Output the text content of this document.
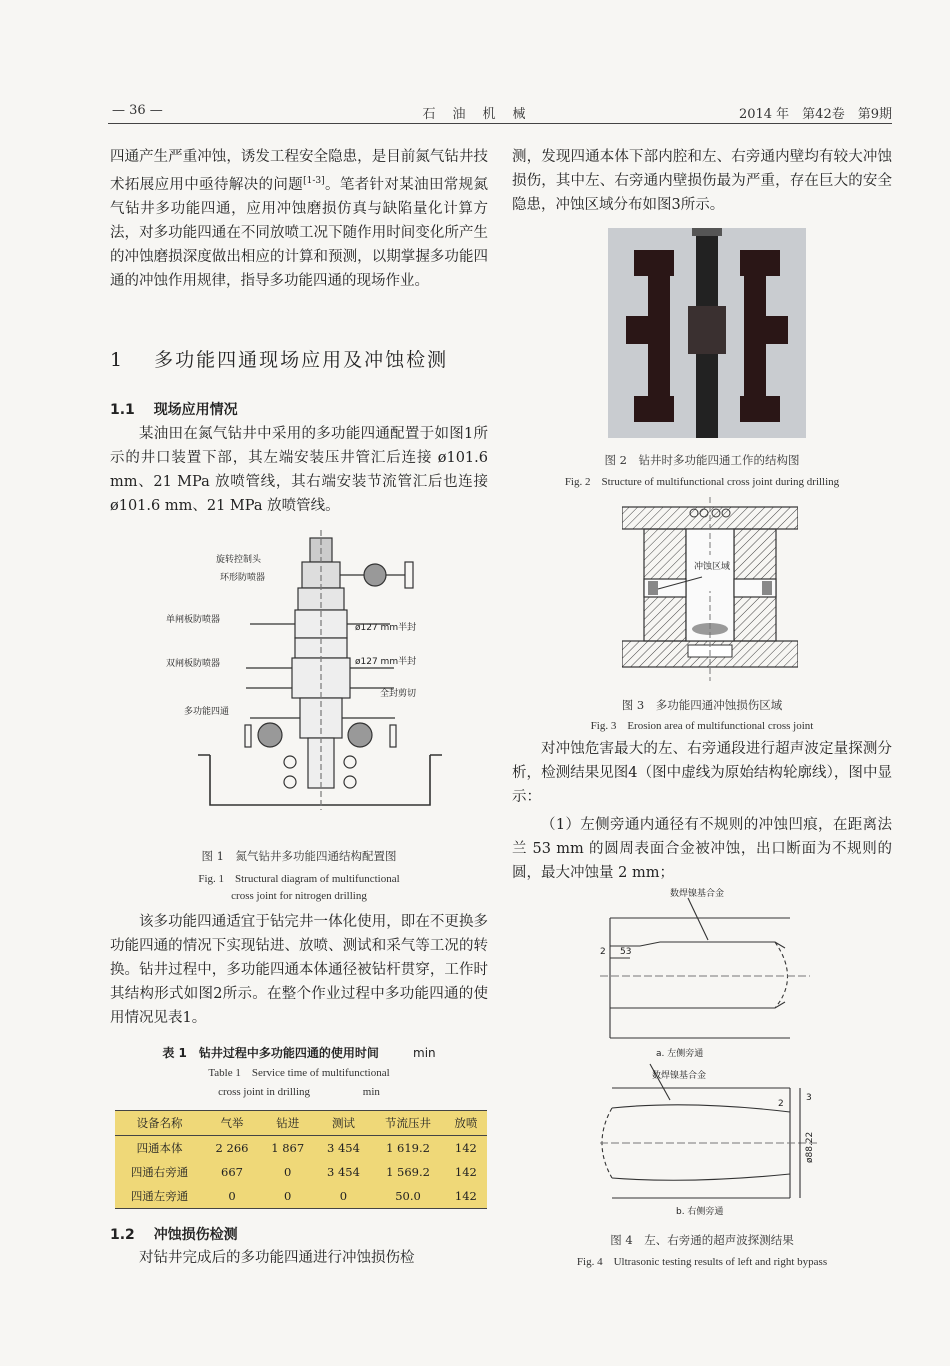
— 36 —	石　油　机　械	2014 年　第42卷　第9期

四通产生严重冲蚀，诱发工程安全隐患，是目前氮气钻井技术拓展应用中亟待解决的问题[1-3]。笔者针对某油田常规氮气钻井多功能四通，应用冲蚀磨损仿真与缺陷量化计算方法，对多功能四通在不同放喷工况下随作用时间变化所产生的冲蚀磨损深度做出相应的计算和预测，以期掌握多功能四通的冲蚀作用规律，指导多功能四通的现场作业。

1 多功能四通现场应用及冲蚀检测
1.1 现场应用情况

某油田在氮气钻井中采用的多功能四通配置于如图1所示的井口装置下部，其左端安装压井管汇后连接 ø101.6 mm、21 MPa 放喷管线，其右端安装节流管汇后也连接 ø101.6 mm、21 MPa 放喷管线。

旋转控制头
环形防喷器
单闸板防喷器
双闸板防喷器
多功能四通
ø127 mm半封
ø127 mm半封
全封剪切
图 1　氮气钻井多功能四通结构配置图
Fig. 1　Structural diagram of multifunctional
cross joint for nitrogen drilling

该多功能四通适宜于钻完井一体化使用，即在不更换多功能四通的情况下实现钻进、放喷、测试和采气等工况的转换。钻井过程中，多功能四通本体通径被钻杆贯穿，工作时其结构形式如图2所示。在整个作业过程中多功能四通的使用情况见表1。

表 1　钻井过程中多功能四通的使用时间	min
Table 1　Service time of multifunctional
cross joint in drilling	min
设备名称	气举	钻进	测试	节流压井	放喷
四通本体	2 266	1 867	3 454	1 619.2	142
四通右旁通	667	0	3 454	1 569.2	142
四通左旁通	0	0	0	50.0	142
1.2 冲蚀损伤检测

对钻井完成后的多功能四通进行冲蚀损伤检

测，发现四通本体下部内腔和左、右旁通内壁均有较大冲蚀损伤，其中左、右旁通内壁损伤最为严重，存在巨大的安全隐患，冲蚀区域分布如图3所示。

图 2　钻井时多功能四通工作的结构图
Fig. 2　Structure of multifunctional cross joint during drilling
冲蚀区域
图 3　多功能四通冲蚀损伤区域
Fig. 3　Erosion area of multifunctional cross joint

对冲蚀危害最大的左、右旁通段进行超声波定量探测分析，检测结果见图4（图中虚线为原始结构轮廓线），图中显示：

（1）左侧旁通内通径有不规则的冲蚀凹痕，在距离法兰 53 mm 的圆周表面合金被冲蚀，出口断面为不规则的圆，最大冲蚀量 2 mm；

数焊镍基合金
2 53
a. 左侧旁通
数焊镍基合金
2
3
ø88.22
b. 右侧旁通
图 4　左、右旁通的超声波探测结果
Fig. 4　Ultrasonic testing results of left and right bypass
